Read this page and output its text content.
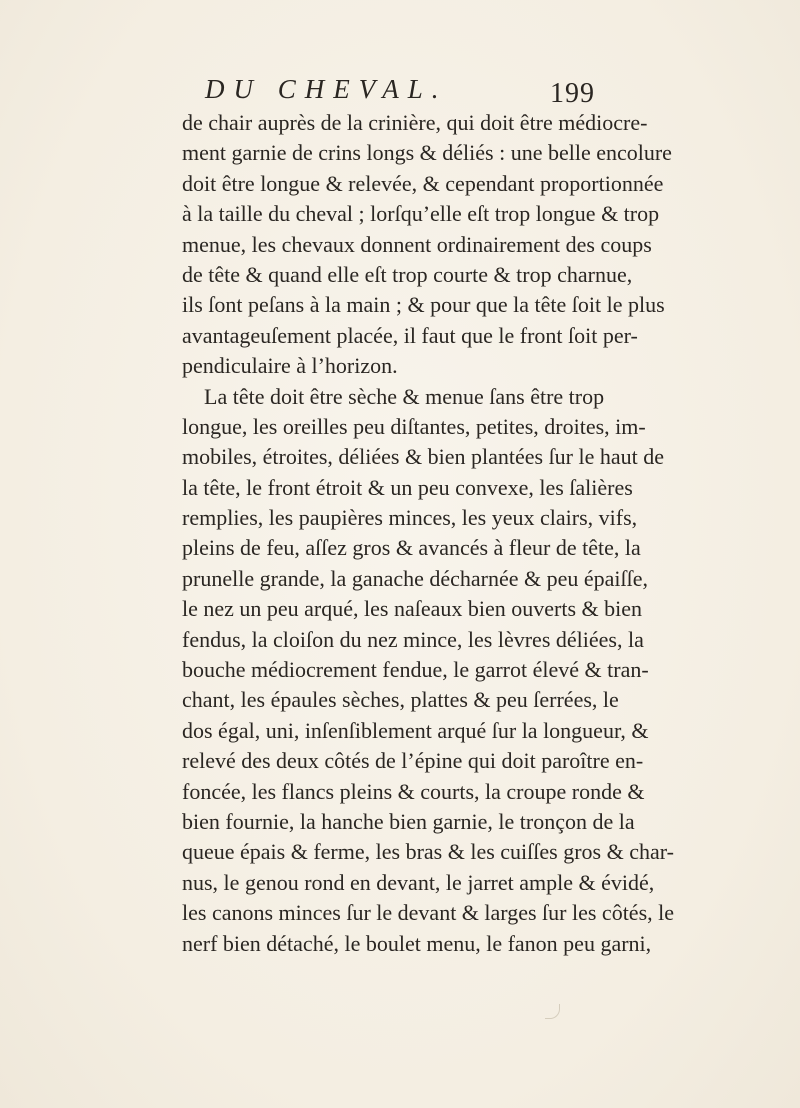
DU CHEVAL.	199
de chair auprès de la crinière, qui doit être médiocre-
ment garnie de crins longs & déliés : une belle encolure
doit être longue & relevée, & cependant proportionnée
à la taille du cheval ; lorſqu’elle eſt trop longue & trop
menue, les chevaux donnent ordinairement des coups
de tête & quand elle eſt trop courte & trop charnue,
ils ſont peſans à la main ; & pour que la tête ſoit le plus
avantageuſement placée, il faut que le front ſoit per-
pendiculaire à l’horizon.
La tête doit être sèche & menue ſans être trop
longue, les oreilles peu diſtantes, petites, droites, im-
mobiles, étroites, déliées & bien plantées ſur le haut de
la tête, le front étroit & un peu convexe, les ſalières
remplies, les paupières minces, les yeux clairs, vifs,
pleins de feu, aſſez gros & avancés à fleur de tête, la
prunelle grande, la ganache décharnée & peu épaiſſe,
le nez un peu arqué, les naſeaux bien ouverts & bien
fendus, la cloiſon du nez mince, les lèvres déliées, la
bouche médiocrement fendue, le garrot élevé & tran-
chant, les épaules sèches, plattes & peu ſerrées, le
dos égal, uni, inſenſiblement arqué ſur la longueur, &
relevé des deux côtés de l’épine qui doit paroître en-
foncée, les flancs pleins & courts, la croupe ronde &
bien fournie, la hanche bien garnie, le tronçon de la
queue épais & ferme, les bras & les cuiſſes gros & char-
nus, le genou rond en devant, le jarret ample & évidé,
les canons minces ſur le devant & larges ſur les côtés, le
nerf bien détaché, le boulet menu, le fanon peu garni,
